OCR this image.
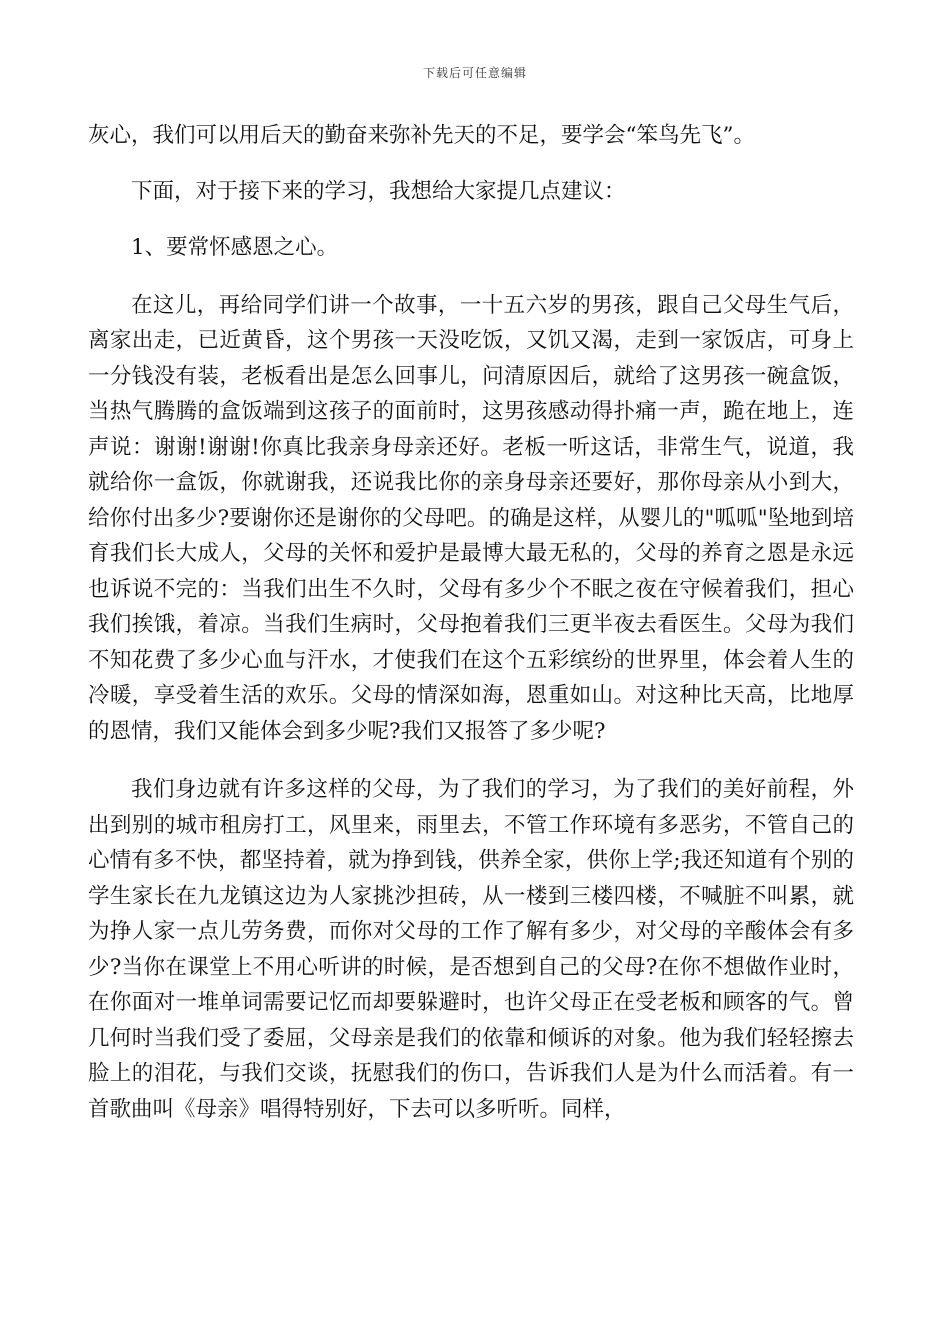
下载后可任意编辑

灰心，我们可以用后天的勤奋来弥补先天的不足，要学会“笨鸟先飞”。

下面，对于接下来的学习，我想给大家提几点建议：

1、要常怀感恩之心。

在这儿，再给同学们讲一个故事，一十五六岁的男孩，跟自己父母生气后，离家出走，已近黄昏，这个男孩一天没吃饭，又饥又渴，走到一家饭店，可身上一分钱没有装，老板看出是怎么回事儿，问清原因后，就给了这男孩一碗盒饭，当热气腾腾的盒饭端到这孩子的面前时，这男孩感动得扑痛一声，跪在地上，连声说：谢谢!谢谢!你真比我亲身母亲还好。老板一听这话，非常生气，说道，我就给你一盒饭，你就谢我，还说我比你的亲身母亲还要好，那你母亲从小到大，给你付出多少?要谢你还是谢你的父母吧。的确是这样，从婴儿的"呱呱"坠地到培育我们长大成人，父母的关怀和爱护是最博大最无私的，父母的养育之恩是永远也诉说不完的：当我们出生不久时，父母有多少个不眠之夜在守候着我们，担心我们挨饿，着凉。当我们生病时，父母抱着我们三更半夜去看医生。父母为我们不知花费了多少心血与汗水，才使我们在这个五彩缤纷的世界里，体会着人生的冷暖，享受着生活的欢乐。父母的情深如海，恩重如山。对这种比天高，比地厚的恩情，我们又能体会到多少呢?我们又报答了多少呢?

我们身边就有许多这样的父母，为了我们的学习，为了我们的美好前程，外出到别的城市租房打工，风里来，雨里去，不管工作环境有多恶劣，不管自己的心情有多不快，都坚持着，就为挣到钱，供养全家，供你上学;我还知道有个别的学生家长在九龙镇这边为人家挑沙担砖，从一楼到三楼四楼，不喊脏不叫累，就为挣人家一点儿劳务费，而你对父母的工作了解有多少，对父母的辛酸体会有多少?当你在课堂上不用心听讲的时候，是否想到自己的父母?在你不想做作业时，在你面对一堆单词需要记忆而却要躲避时，也许父母正在受老板和顾客的气。曾几何时当我们受了委屈，父母亲是我们的依靠和倾诉的对象。他为我们轻轻擦去脸上的泪花，与我们交谈，抚慰我们的伤口，告诉我们人是为什么而活着。有一首歌曲叫《母亲》唱得特别好，下去可以多听听。同样，
